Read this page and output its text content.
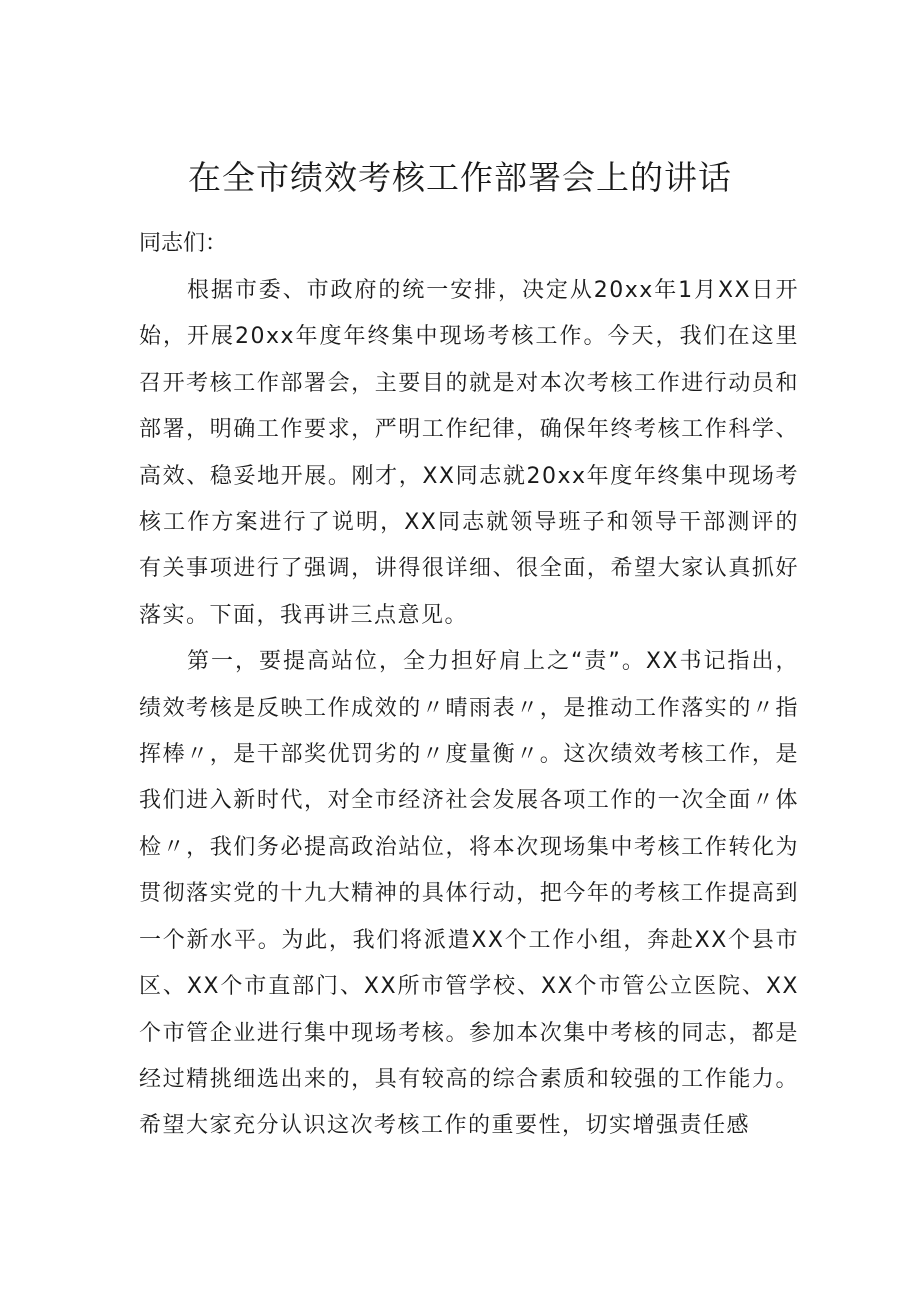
在全市绩效考核工作部署会上的讲话

同志们：

根据市委、市政府的统一安排，决定从20xx年1月XX日开始，开展20xx年度年终集中现场考核工作。今天，我们在这里召开考核工作部署会，主要目的就是对本次考核工作进行动员和部署，明确工作要求，严明工作纪律，确保年终考核工作科学、高效、稳妥地开展。刚才，XX同志就20xx年度年终集中现场考核工作方案进行了说明，XX同志就领导班子和领导干部测评的有关事项进行了强调，讲得很详细、很全面，希望大家认真抓好落实。下面，我再讲三点意见。

第一，要提高站位，全力担好肩上之“责”。XX书记指出，绩效考核是反映工作成效的〃晴雨表〃，是推动工作落实的〃指挥棒〃，是干部奖优罚劣的〃度量衡〃。这次绩效考核工作，是我们进入新时代，对全市经济社会发展各项工作的一次全面〃体检〃，我们务必提高政治站位，将本次现场集中考核工作转化为贯彻落实党的十九大精神的具体行动，把今年的考核工作提高到一个新水平。为此，我们将派遣XX个工作小组，奔赴XX个县市区、XX个市直部门、XX所市管学校、XX个市管公立医院、XX个市管企业进行集中现场考核。参加本次集中考核的同志，都是经过精挑细选出来的，具有较高的综合素质和较强的工作能力。希望大家充分认识这次考核工作的重要性，切实增强责任感
